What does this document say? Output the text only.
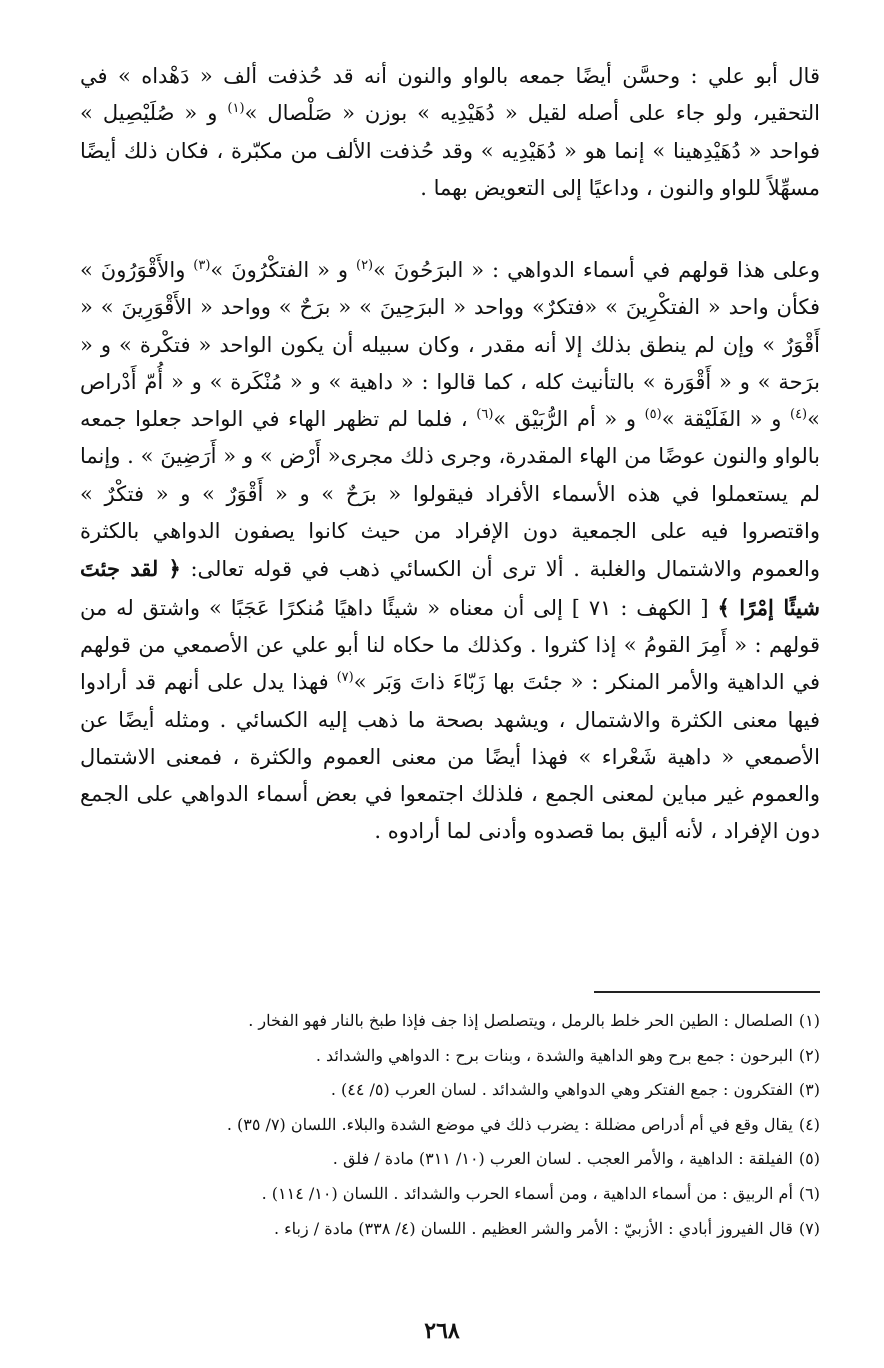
قال أبو علي : وحسَّن أيضًا جمعه بالواو والنون أنه قد حُذفت ألف « دَهْداه » في التحقير، ولو جاء على أصله لقيل « دُهَيْدِيه » بوزن « صَلْصال »$^{(١)}$ و « صُلَيْصِيل » فواحد « دُهَيْدِهينا » إنما هو « دُهَيْدِيه » وقد حُذفت الألف من مكبّرة ، فكان ذلك أيضًا مسهِّلاً للواو والنون ، وداعيًا إلى التعويض بهما .

وعلى هذا قولهم في أسماء الدواهي : « البرَحُونَ »$^{(٢)}$ و « الفتكْرُونَ »$^{(٣)}$ والأَقْوَرُونَ » فكأن واحد « الفتكْرِينَ » «فتكرٌ» وواحد « البرَحِينَ » « برَحٌ » وواحد « الأَقْوَرِينَ » « أَقْوَرٌ » وإن لم ينطق بذلك إلا أنه مقدر ، وكان سبيله أن يكون الواحد « فتكْرة » و « برَحة » و « أَقْوَرة » بالتأنيث كله ، كما قالوا : « داهية » و « مُنْكَرة » و « أُمّ أَدْراص »$^{(٤)}$ و « الفَلَيْقة »$^{(٥)}$ و « أم الرُّبَيْق »$^{(٦)}$ ، فلما لم تظهر الهاء في الواحد جعلوا جمعه بالواو والنون عوضًا من الهاء المقدرة، وجرى ذلك مجرى« أَرْض » و « أَرَضِينَ » . وإنما لم يستعملوا في هذه الأسماء الأفراد فيقولوا « برَحٌ » و « أَقْوَرٌ » و « فتكْرٌ » واقتصروا فيه على الجمعية دون الإفراد من حيث كانوا يصفون الدواهي بالكثرة والعموم والاشتمال والغلبة . ألا ترى أن الكسائي ذهب في قوله تعالى: ﴿ لقد جئتَ شيئًا إمْرًا ﴾ [ الكهف : ٧١ ] إلى أن معناه « شيئًا داهيًا مُنكرًا عَجَبًا » واشتق له من قولهم : « أَمِرَ القومُ » إذا كثروا . وكذلك ما حكاه لنا أبو علي عن الأصمعي من قولهم في الداهية والأمر المنكر : « جئتَ بها زَبّاءَ ذاتَ وَبَر »$^{(٧)}$ فهذا يدل على أنهم قد أرادوا فيها معنى الكثرة والاشتمال ، ويشهد بصحة ما ذهب إليه الكسائي . ومثله أيضًا عن الأصمعي « داهية شَعْراء » فهذا أيضًا من معنى العموم والكثرة ، فمعنى الاشتمال والعموم غير مباين لمعنى الجمع ، فلذلك اجتمعوا في بعض أسماء الدواهي على الجمع دون الإفراد ، لأنه أليق بما قصدوه وأدنى لما أرادوه .

(١)الصلصال : الطين الحر خلط بالرمل ، ويتصلصل إذا جف فإذا طبخ بالنار فهو الفخار .
(٢)البرحون : جمع برح وهو الداهية والشدة ، وبنات برح : الدواهي والشدائد .
(٣)الفتكرون : جمع الفتكر وهي الدواهي والشدائد . لسان العرب (٥/ ٤٤) .
(٤)يقال وقع في أم أدراص مضللة : يضرب ذلك في موضع الشدة والبلاء. اللسان (٧/ ٣٥) .
(٥)الفيلقة : الداهية ، والأمر العجب . لسان العرب (١٠/ ٣١١) مادة / فلق .
(٦)أم الربيق : من أسماء الداهية ، ومن أسماء الحرب والشدائد . اللسان (١٠/ ١١٤) .
(٧)قال الفيروز أبادي : الأزبيّ : الأمر والشر العظيم . اللسان (٤/ ٣٣٨) مادة / زباء .
٢٦٨
